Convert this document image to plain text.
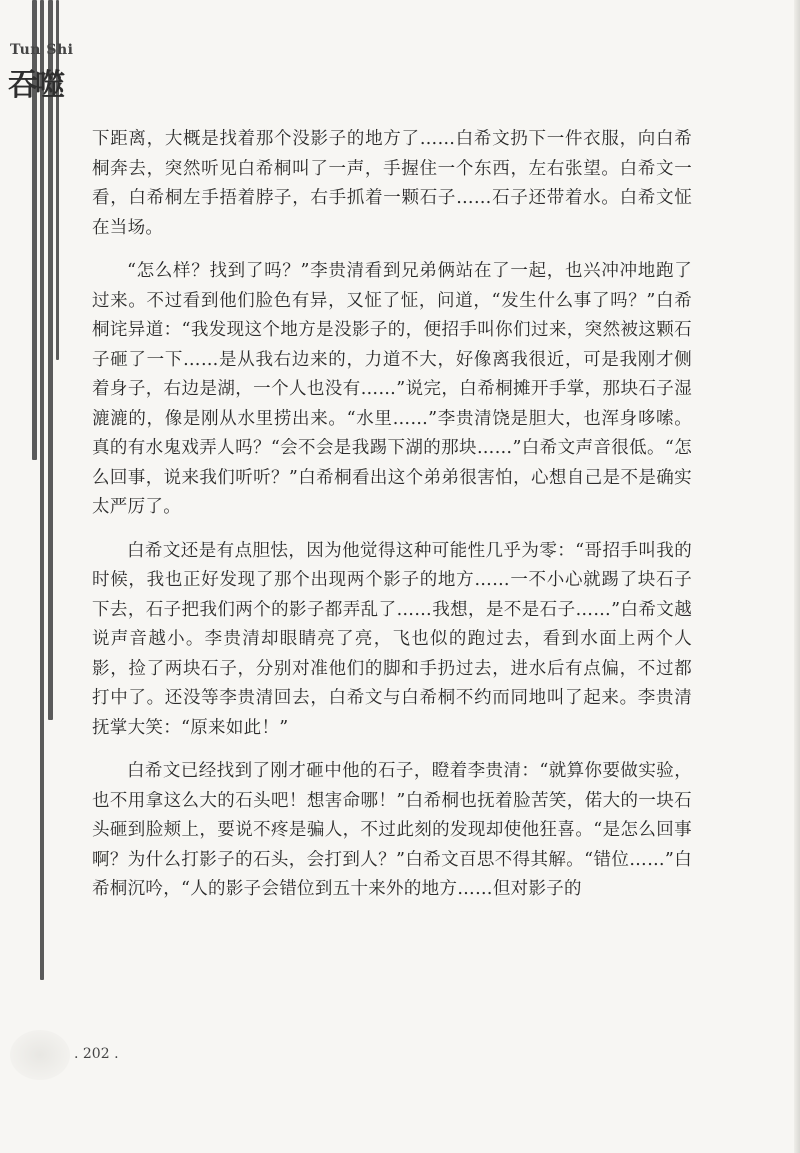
Tun Shi
吞噬

下距离，大概是找着那个没影子的地方了……白希文扔下一件衣服，向白希桐奔去，突然听见白希桐叫了一声，手握住一个东西，左右张望。白希文一看，白希桐左手捂着脖子，右手抓着一颗石子……石子还带着水。白希文怔在当场。

“怎么样？找到了吗？”李贵清看到兄弟俩站在了一起，也兴冲冲地跑了过来。不过看到他们脸色有异，又怔了怔，问道，“发生什么事了吗？”白希桐诧异道：“我发现这个地方是没影子的，便招手叫你们过来，突然被这颗石子砸了一下……是从我右边来的，力道不大，好像离我很近，可是我刚才侧着身子，右边是湖，一个人也没有……”说完，白希桐摊开手掌，那块石子湿漉漉的，像是刚从水里捞出来。“水里……”李贵清饶是胆大，也浑身哆嗦。真的有水鬼戏弄人吗？“会不会是我踢下湖的那块……”白希文声音很低。“怎么回事，说来我们听听？”白希桐看出这个弟弟很害怕，心想自己是不是确实太严厉了。

白希文还是有点胆怯，因为他觉得这种可能性几乎为零：“哥招手叫我的时候，我也正好发现了那个出现两个影子的地方……一不小心就踢了块石子下去，石子把我们两个的影子都弄乱了……我想，是不是石子……”白希文越说声音越小。李贵清却眼睛亮了亮，飞也似的跑过去，看到水面上两个人影，捡了两块石子，分别对准他们的脚和手扔过去，进水后有点偏，不过都打中了。还没等李贵清回去，白希文与白希桐不约而同地叫了起来。李贵清抚掌大笑：“原来如此！”

白希文已经找到了刚才砸中他的石子，瞪着李贵清：“就算你要做实验，也不用拿这么大的石头吧！想害命哪！”白希桐也抚着脸苦笑，偌大的一块石头砸到脸颊上，要说不疼是骗人，不过此刻的发现却使他狂喜。“是怎么回事啊？为什么打影子的石头，会打到人？”白希文百思不得其解。“错位……”白希桐沉吟，“人的影子会错位到五十来外的地方……但对影子的

. 202 .
